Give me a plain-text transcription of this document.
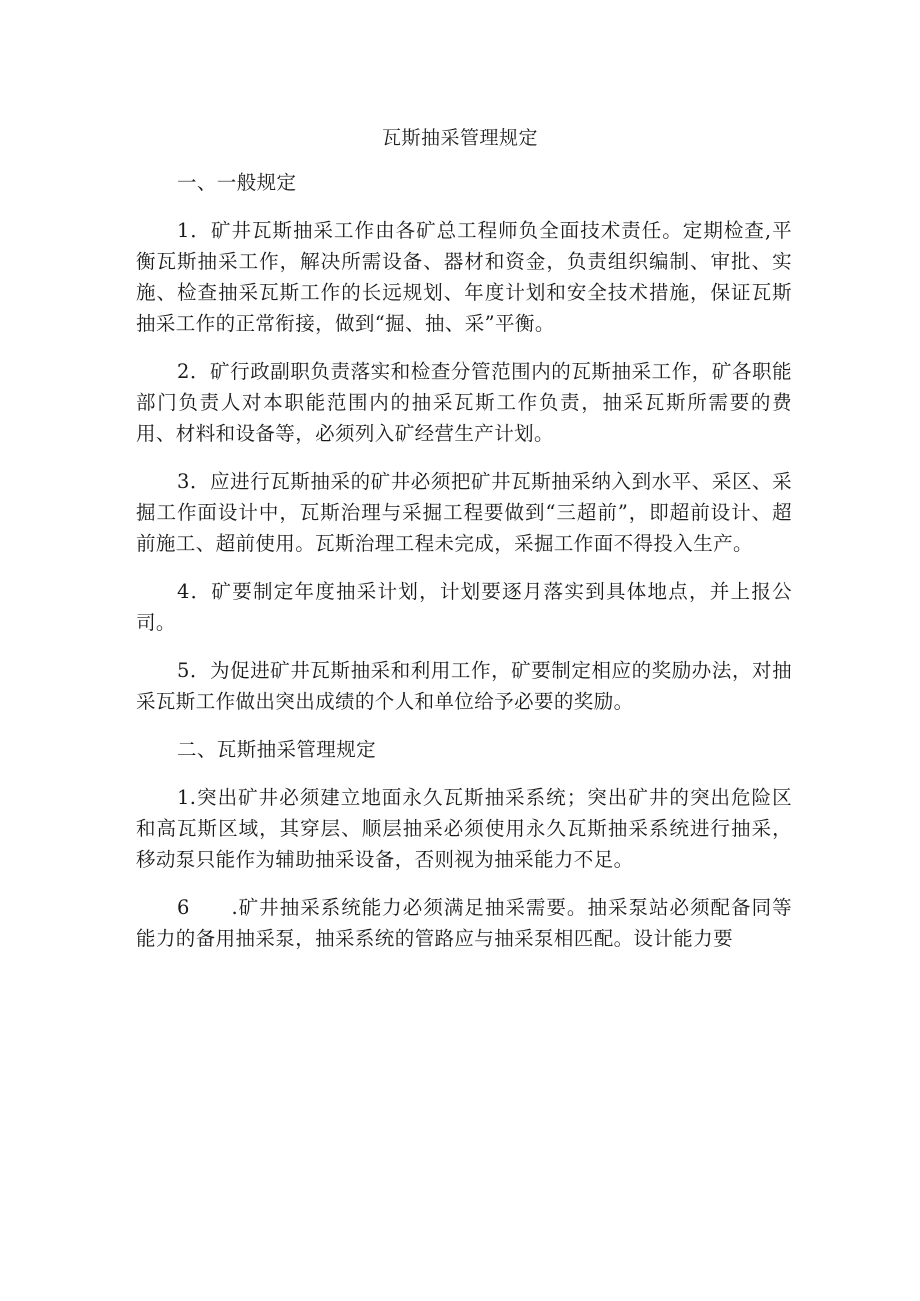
瓦斯抽采管理规定

一、一般规定

1．矿井瓦斯抽采工作由各矿总工程师负全面技术责任。定期检查,平衡瓦斯抽采工作，解决所需设备、器材和资金，负责组织编制、审批、实施、检查抽采瓦斯工作的长远规划、年度计划和安全技术措施，保证瓦斯抽采工作的正常衔接，做到“掘、抽、采”平衡。

2．矿行政副职负责落实和检查分管范围内的瓦斯抽采工作，矿各职能部门负责人对本职能范围内的抽采瓦斯工作负责，抽采瓦斯所需要的费用、材料和设备等，必须列入矿经营生产计划。

3．应进行瓦斯抽采的矿井必须把矿井瓦斯抽采纳入到水平、采区、采掘工作面设计中，瓦斯治理与采掘工程要做到“三超前”，即超前设计、超前施工、超前使用。瓦斯治理工程未完成，采掘工作面不得投入生产。

4．矿要制定年度抽采计划，计划要逐月落实到具体地点，并上报公司。

5．为促进矿井瓦斯抽采和利用工作，矿要制定相应的奖励办法，对抽采瓦斯工作做出突出成绩的个人和单位给予必要的奖励。

二、瓦斯抽采管理规定

1.突出矿井必须建立地面永久瓦斯抽采系统；突出矿井的突出危险区和高瓦斯区域，其穿层、顺层抽采必须使用永久瓦斯抽采系统进行抽采，移动泵只能作为辅助抽采设备，否则视为抽采能力不足。

6　　.矿井抽采系统能力必须满足抽采需要。抽采泵站必须配备同等能力的备用抽采泵，抽采系统的管路应与抽采泵相匹配。设计能力要
